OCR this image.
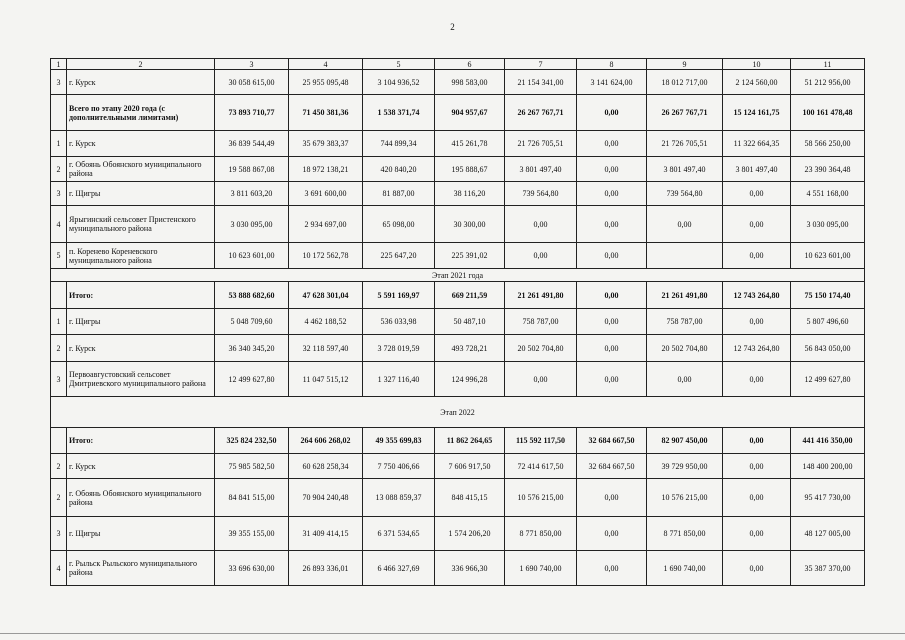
2
1	2	3	4	5	6	7	8	9	10	11
3	г. Курск	30 058 615,00	25 955 095,48	3 104 936,52	998 583,00	21 154 341,00	3 141 624,00	18 012 717,00	2 124 560,00	51 212 956,00
	Всего по этапу 2020 года (с дополнительными лимитами)	73 893 710,77	71 450 381,36	1 538 371,74	904 957,67	26 267 767,71	0,00	26 267 767,71	15 124 161,75	100 161 478,48
1	г. Курск	36 839 544,49	35 679 383,37	744 899,34	415 261,78	21 726 705,51	0,00	21 726 705,51	11 322 664,35	58 566 250,00
2	г. Обоянь Обоянского муниципального района	19 588 867,08	18 972 138,21	420 840,20	195 888,67	3 801 497,40	0,00	3 801 497,40	3 801 497,40	23 390 364,48
3	г. Щигры	3 811 603,20	3 691 600,00	81 887,00	38 116,20	739 564,80	0,00	739 564,80	0,00	4 551 168,00
4	Ярыгинский сельсовет Пристенского муниципального района	3 030 095,00	2 934 697,00	65 098,00	30 300,00	0,00	0,00	0,00	0,00	3 030 095,00
5	п. Коренево Кореневского муниципального района	10 623 601,00	10 172 562,78	225 647,20	225 391,02	0,00	0,00		0,00	10 623 601,00
Этап 2021 года										
	Итого:	53 888 682,60	47 628 301,04	5 591 169,97	669 211,59	21 261 491,80	0,00	21 261 491,80	12 743 264,80	75 150 174,40
1	г. Щигры	5 048 709,60	4 462 188,52	536 033,98	50 487,10	758 787,00	0,00	758 787,00	0,00	5 807 496,60
2	г. Курск	36 340 345,20	32 118 597,40	3 728 019,59	493 728,21	20 502 704,80	0,00	20 502 704,80	12 743 264,80	56 843 050,00
3	Первоавгустовский сельсовет Дмитриевского муниципального района	12 499 627,80	11 047 515,12	1 327 116,40	124 996,28	0,00	0,00	0,00	0,00	12 499 627,80
Этап 2022										
	Итого:	325 824 232,50	264 606 268,02	49 355 699,83	11 862 264,65	115 592 117,50	32 684 667,50	82 907 450,00	0,00	441 416 350,00
2	г. Курск	75 985 582,50	60 628 258,34	7 750 406,66	7 606 917,50	72 414 617,50	32 684 667,50	39 729 950,00	0,00	148 400 200,00
2	г. Обоянь Обоянского муниципального района	84 841 515,00	70 904 240,48	13 088 859,37	848 415,15	10 576 215,00	0,00	10 576 215,00	0,00	95 417 730,00
3	г. Щигры	39 355 155,00	31 409 414,15	6 371 534,65	1 574 206,20	8 771 850,00	0,00	8 771 850,00	0,00	48 127 005,00
4	г. Рыльск Рыльского муниципального района	33 696 630,00	26 893 336,01	6 466 327,69	336 966,30	1 690 740,00	0,00	1 690 740,00	0,00	35 387 370,00
